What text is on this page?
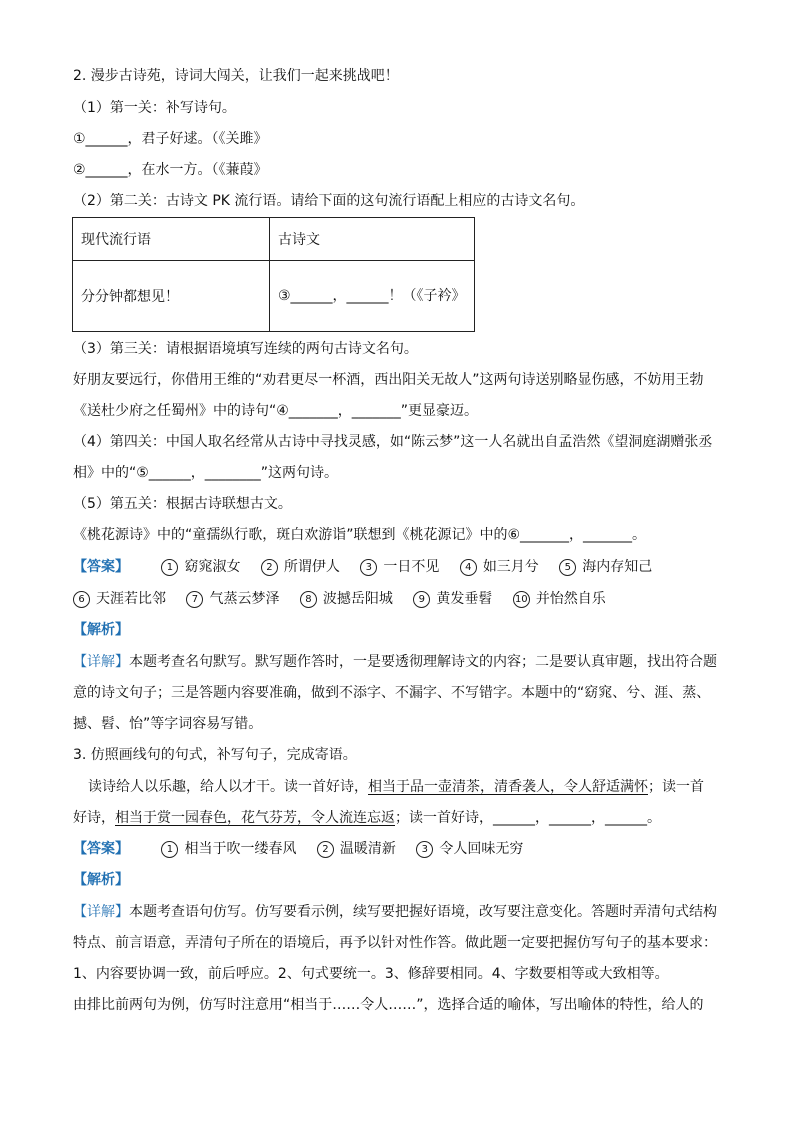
2. 漫步古诗苑，诗词大闯关，让我们一起来挑战吧！
（1）第一关：补写诗句。
①______，君子好逑。（《关雎》
②______，在水一方。（《蒹葭》
（2）第二关：古诗文 PK 流行语。请给下面的这句流行语配上相应的古诗文名句。
现代流行语	古诗文
分分钟都想见！	③______，______！（《子衿》
（3）第三关：请根据语境填写连续的两句古诗文名句。
好朋友要远行，你借用王维的“劝君更尽一杯酒，西出阳关无故人”这两句诗送别略显伤感，不妨用王勃
《送杜少府之任蜀州》中的诗句“④_______，_______”更显豪迈。
（4）第四关：中国人取名经常从古诗中寻找灵感，如“陈云梦”这一人名就出自孟浩然《望洞庭湖赠张丞
相》中的“⑤______，________”这两句诗。
（5）第五关：根据古诗联想古文。
《桃花源诗》中的“童孺纵行歌，斑白欢游诣”联想到《桃花源记》中的⑥_______，_______。
【答案】	1 窈窕淑女	2 所谓伊人	3 一日不见	4 如三月兮	5 海内存知己
6 天涯若比邻	7 气蒸云梦泽	8 波撼岳阳城	9 黄发垂髫 10 并怡然自乐
【解析】
【详解】本题考查名句默写。默写题作答时，一是要透彻理解诗文的内容；二是要认真审题，找出符合题
意的诗文句子；三是答题内容要准确，做到不添字、不漏字、不写错字。本题中的“窈窕、兮、涯、蒸、
撼、髫、怡”等字词容易写错。
3. 仿照画线句的句式，补写句子，完成寄语。
读诗给人以乐趣，给人以才干。读一首好诗，相当于品一壶清茶，清香袭人，令人舒适满怀；读一首
好诗，相当于赏一园春色，花气芬芳，令人流连忘返；读一首好诗，______，______，______。
【答案】	1 相当于吹一缕春风	2 温暖清新	3 令人回味无穷
【解析】
【详解】本题考查语句仿写。仿写要看示例，续写要把握好语境，改写要注意变化。答题时弄清句式结构
特点、前言语意，弄清句子所在的语境后，再予以针对性作答。做此题一定要把握仿写句子的基本要求：
1、内容要协调一致，前后呼应。2、句式要统一。3、修辞要相同。4、字数要相等或大致相等。
由排比前两句为例，仿写时注意用“相当于……令人……”，选择合适的喻体，写出喻体的特性，给人的
